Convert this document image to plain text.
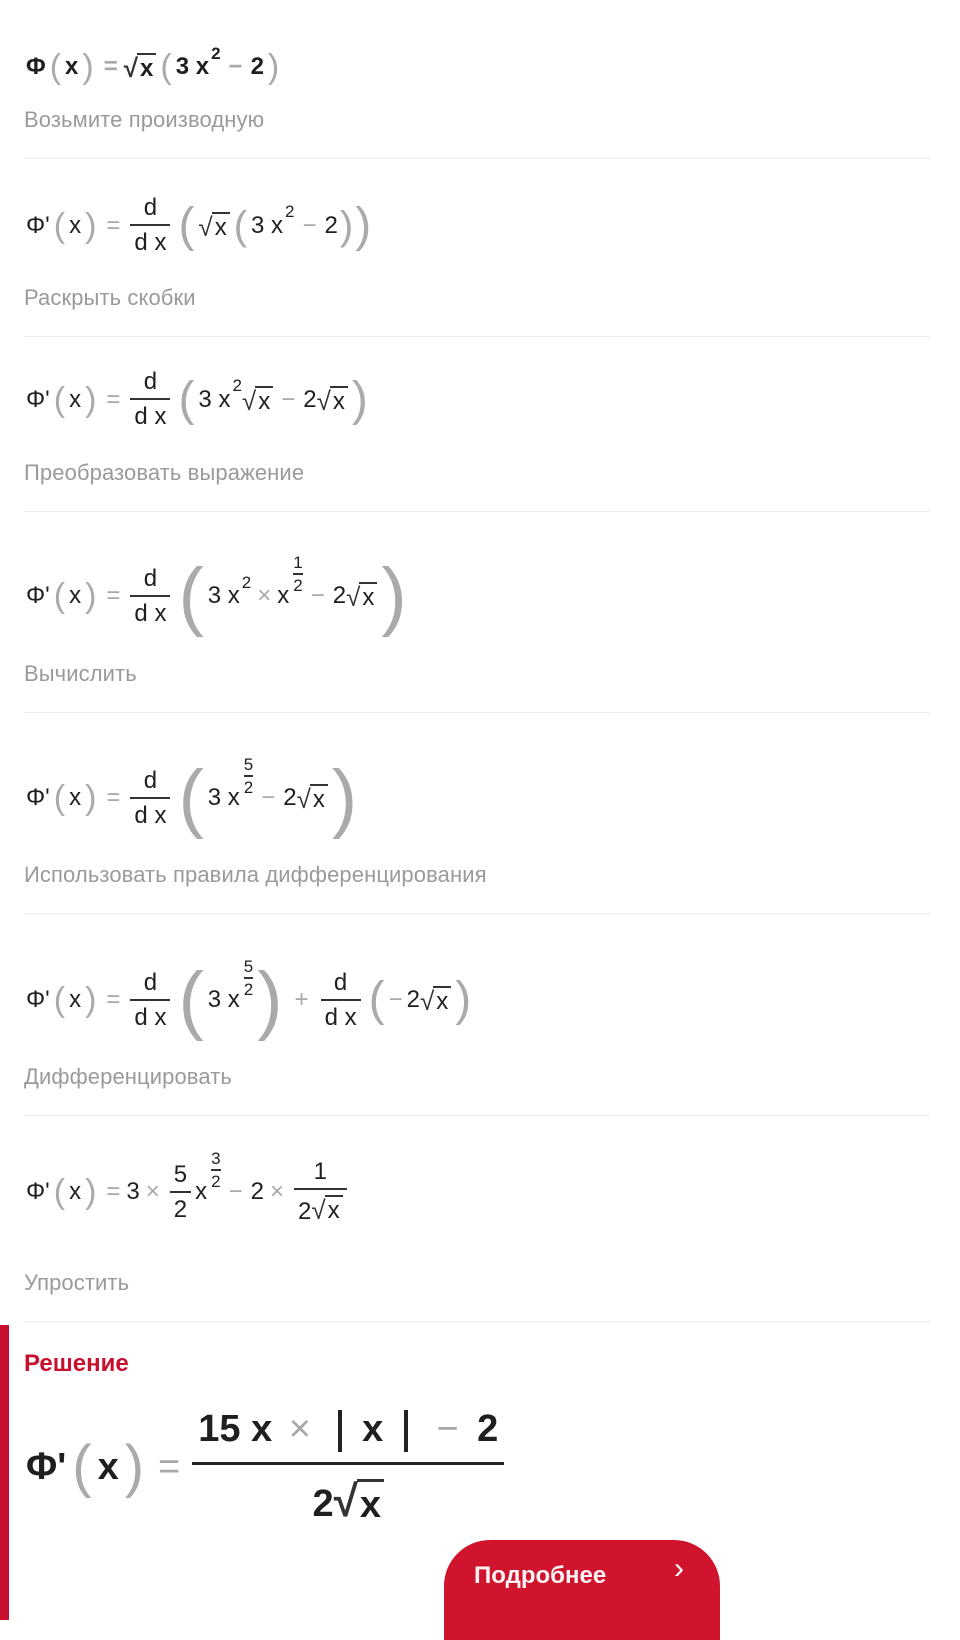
Φ ( x ) = √ x ( 3 x 2 − 2 )
Возьмите производную
Φ ' ( x ) = $\frac{d}{\text{d x}}$ ( √ x ( 3 x 2 − 2 ) )
Раскрыть скобки
Φ ' ( x ) = $\frac{d}{\text{d x}}$ ( 3 x 2 √ x − 2 √ x )
Преобразовать выражение
Φ ' ( x ) = $\frac{d}{\text{d x}}$ ( 3 x 2 × x
1
2 − 2 √ x )
Вычислить
Φ ' ( x ) = $\frac{d}{\text{d x}}$ ( 3 x
5
2 − 2 √ x )
Использовать правила дифференцирования
Φ ' ( x ) = $\frac{d}{\text{d x}}$ ( 3 x
5
2 ) + $\frac{d}{\text{d x}}$ ( − 2 √ x )
Дифференцировать
Φ ' ( x ) = $3 \times \frac{5}{2}$ x
3
$2 - 2 \times \frac{1}{2 √ x}$
Упростить
Решение
Φ ' ( x ) = $\frac{15 x \times x - 2}{2 √ x}$
Подробнее ›
